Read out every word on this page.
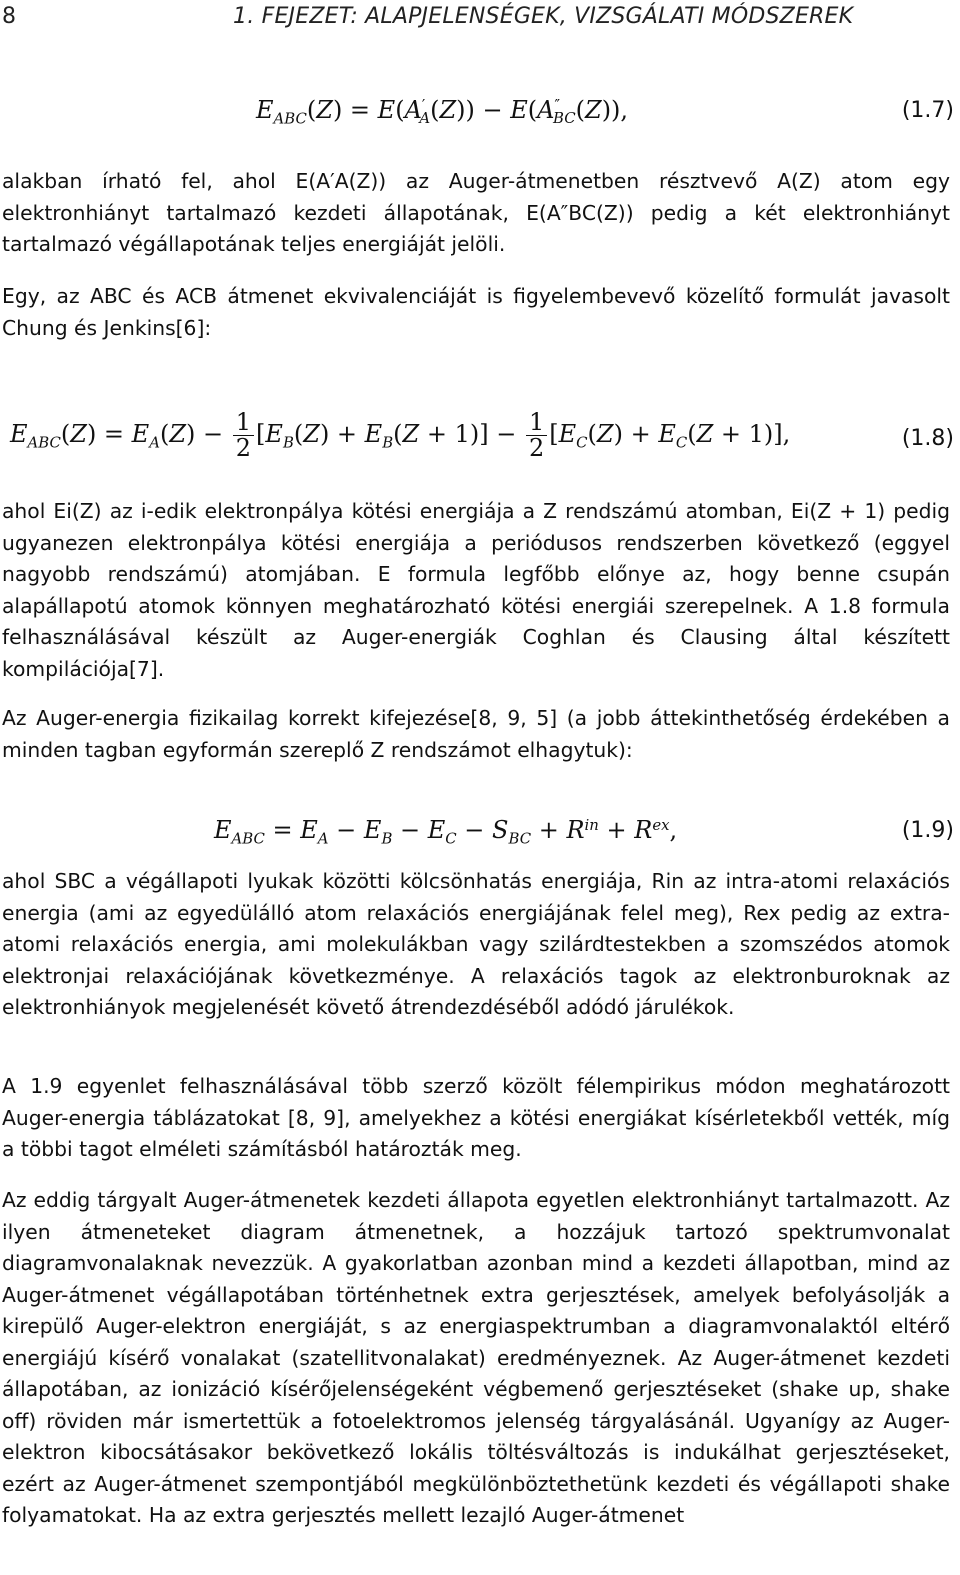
8	1. FEJEZET: ALAPJELENSÉGEK, VIZSGÁLATI MÓDSZEREK
$E_{ABC}(Z) = E(A'_A(Z)) - E(A''_{BC}(Z))$,	(1.7)
alakban írható fel, ahol E(A′A(Z)) az Auger-átmenetben résztvevő A(Z) atom egy elektronhiányt tartalmazó kezdeti állapotának, E(A″BC(Z)) pedig a két elektronhiányt tartalmazó végállapotának teljes energiáját jelöli.
Egy, az ABC és ACB átmenet ekvivalenciáját is figyelembevevő közelítő formulát javasolt Chung és Jenkins[6]:
$E_{ABC}(Z) = E_A(Z) - \frac{1}{2} [E_B(Z) + E_B(Z + 1)] - \frac{1}{2} [E_C(Z) + E_C(Z + 1)]$,	(1.8)
ahol Ei(Z) az i-edik elektronpálya kötési energiája a Z rendszámú atomban, Ei(Z + 1) pedig ugyanezen elektronpálya kötési energiája a periódusos rendszerben következő (eggyel nagyobb rendszámú) atomjában. E formula legfőbb előnye az, hogy benne csupán alapállapotú atomok könnyen meghatározható kötési energiái szerepelnek. A 1.8 formula felhasználásával készült az Auger-energiák Coghlan és Clausing által készített kompilációja[7].
Az Auger-energia fizikailag korrekt kifejezése[8, 9, 5] (a jobb áttekinthetőség érdekében a minden tagban egyformán szereplő Z rendszámot elhagytuk):
$E_{ABC} = E_A - E_B - E_C - S_{BC} + R^{in} + R^{ex}$,	(1.9)
ahol SBC a végállapoti lyukak közötti kölcsönhatás energiája, Rin az intra-atomi relaxációs energia (ami az egyedülálló atom relaxációs energiájának felel meg), Rex pedig az extra-atomi relaxációs energia, ami molekulákban vagy szilárdtestekben a szomszédos atomok elektronjai relaxációjának következménye. A relaxációs tagok az elektronburoknak az elektronhiányok megjelenését követő átrendezdéséből adódó járulékok.
A 1.9 egyenlet felhasználásával több szerző közölt félempirikus módon meghatározott Auger-energia táblázatokat [8, 9], amelyekhez a kötési energiákat kísérletekből vették, míg a többi tagot elméleti számításból határozták meg.
Az eddig tárgyalt Auger-átmenetek kezdeti állapota egyetlen elektronhiányt tartalmazott. Az ilyen átmeneteket diagram átmenetnek, a hozzájuk tartozó spektrumvonalat diagramvonalaknak nevezzük. A gyakorlatban azonban mind a kezdeti állapotban, mind az Auger-átmenet végállapotában történhetnek extra gerjesztések, amelyek befolyásolják a kirepülő Auger-elektron energiáját, s az energiaspektrumban a diagramvonalaktól eltérő energiájú kísérő vonalakat (szatellitvonalakat) eredményeznek. Az Auger-átmenet kezdeti állapotában, az ionizáció kísérőjelenségeként végbemenő gerjesztéseket (shake up, shake off) röviden már ismertettük a fotoelektromos jelenség tárgyalásánál. Ugyanígy az Auger-elektron kibocsátásakor bekövetkező lokális töltésváltozás is indukálhat gerjesztéseket, ezért az Auger-átmenet szempontjából megkülönböztethetünk kezdeti és végállapoti shake folyamatokat. Ha az extra gerjesztés mellett lezajló Auger-átmenet
